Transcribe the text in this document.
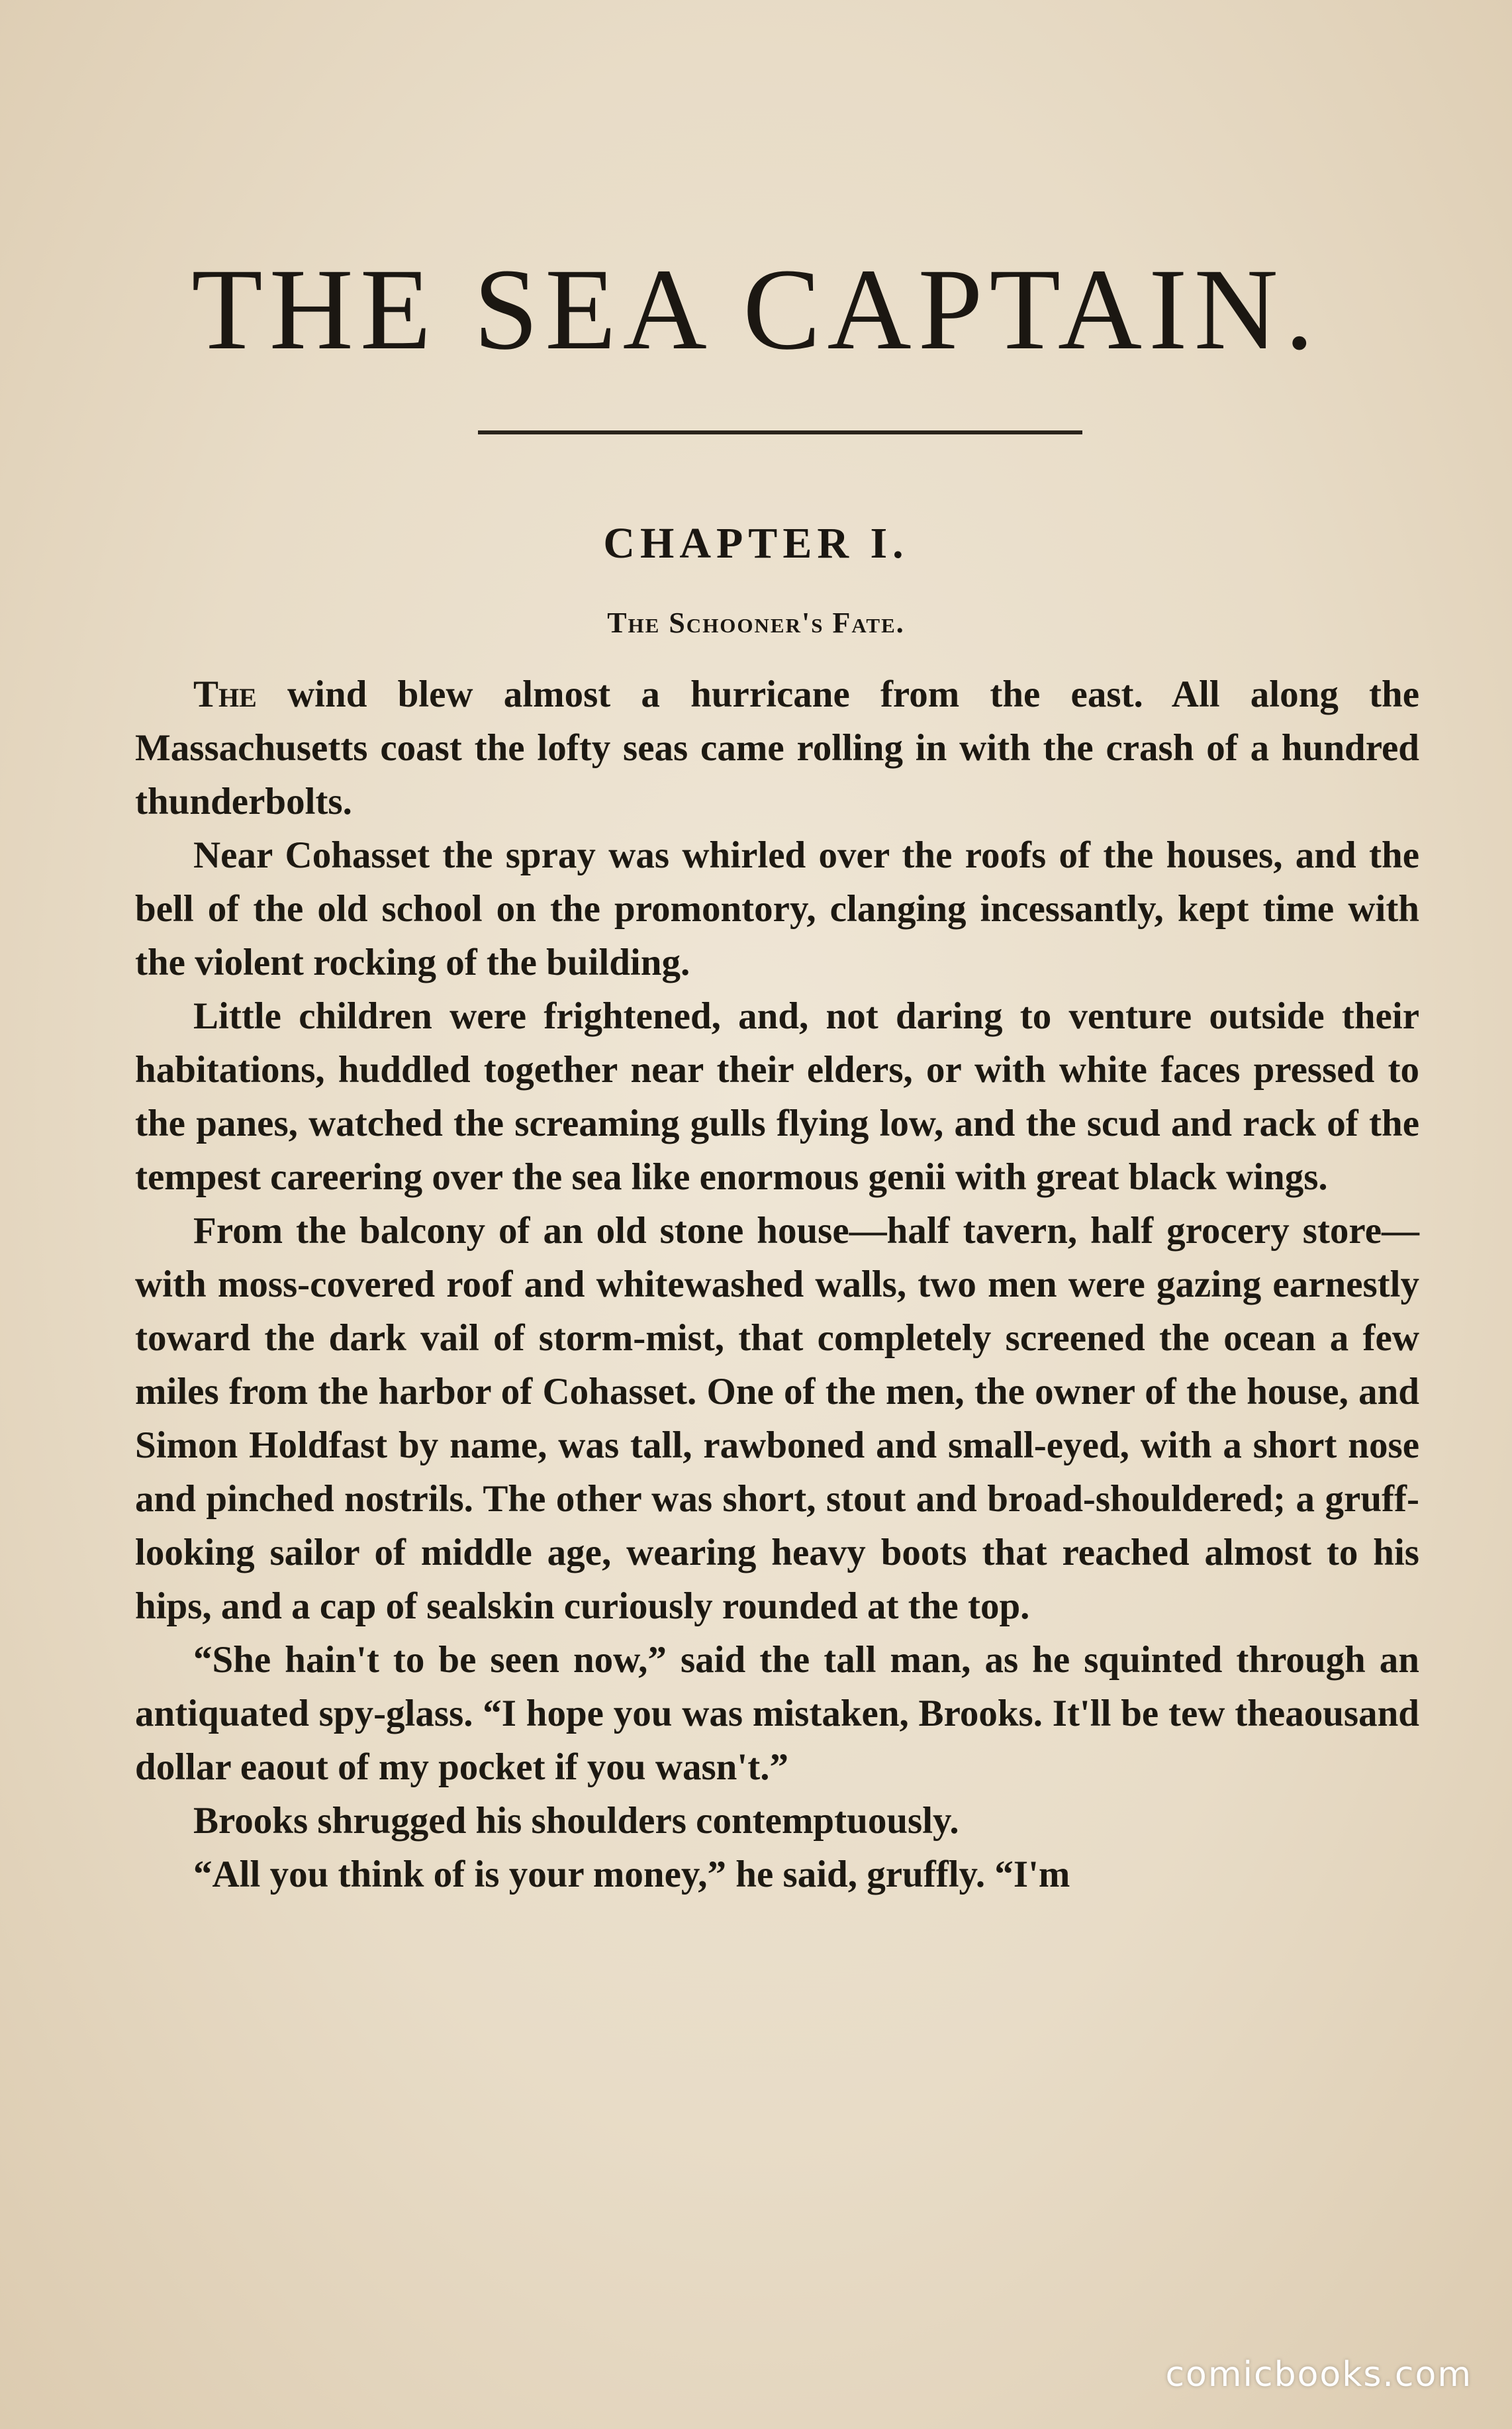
THE SEA CAPTAIN.
CHAPTER I.
The Schooner's Fate.

The wind blew almost a hurricane from the east. All along the Massachusetts coast the lofty seas came rolling in with the crash of a hundred thunderbolts.

Near Cohasset the spray was whirled over the roofs of the houses, and the bell of the old school on the promontory, clanging incessantly, kept time with the violent rocking of the building.

Little children were frightened, and, not daring to venture outside their habitations, huddled together near their elders, or with white faces pressed to the panes, watched the screaming gulls flying low, and the scud and rack of the tempest careering over the sea like enormous genii with great black wings.

From the balcony of an old stone house—half tavern, half grocery store—with moss-covered roof and whitewashed walls, two men were gazing earnestly toward the dark vail of storm-mist, that completely screened the ocean a few miles from the harbor of Cohasset. One of the men, the owner of the house, and Simon Holdfast by name, was tall, rawboned and small-eyed, with a short nose and pinched nostrils. The other was short, stout and broad-shouldered; a gruff-looking sailor of middle age, wearing heavy boots that reached almost to his hips, and a cap of sealskin curiously rounded at the top.

“She hain't to be seen now,” said the tall man, as he squinted through an antiquated spy-glass. “I hope you was mistaken, Brooks. It'll be tew theaousand dollar eaout of my pocket if you wasn't.”

Brooks shrugged his shoulders contemptuously.

“All you think of is your money,” he said, gruffly. “I'm

comicbooks.com
